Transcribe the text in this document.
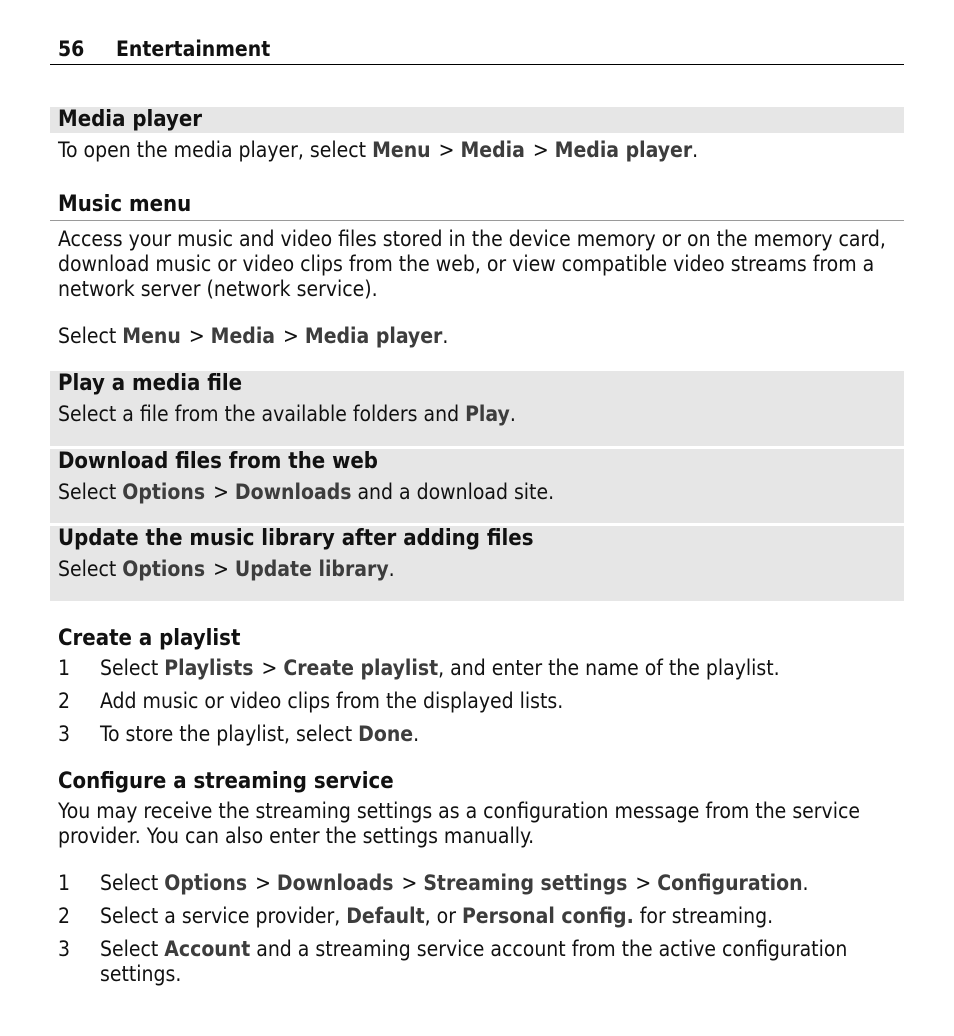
56 Entertainment
Media player
To open the media player, select Menu > Media > Media player.
Music menu
Access your music and video files stored in the device memory or on the memory card, download music or video clips from the web, or view compatible video streams from a network server (network service).
Select Menu > Media > Media player.
Play a media file
Select a file from the available folders and Play.
Download files from the web
Select Options > Downloads and a download site.
Update the music library after adding files
Select Options > Update library.
Create a playlist
1 Select Playlists > Create playlist, and enter the name of the playlist.
2 Add music or video clips from the displayed lists.
3 To store the playlist, select Done.
Configure a streaming service
You may receive the streaming settings as a configuration message from the service provider. You can also enter the settings manually.
1 Select Options > Downloads > Streaming settings > Configuration.
2 Select a service provider, Default, or Personal config. for streaming.
3 Select Account and a streaming service account from the active configuration settings.
